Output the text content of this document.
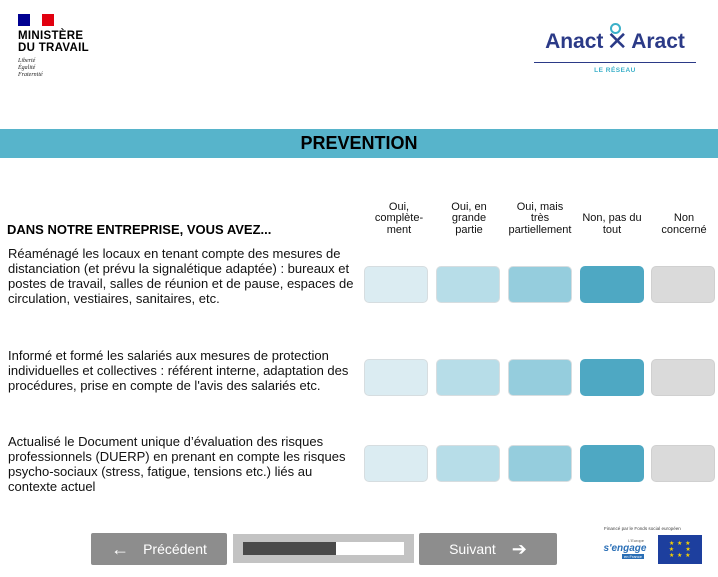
MINISTÈRE
DU TRAVAIL
Liberté
Égalité
Fraternité
Anact ✕ Aract
LE RÉSEAU
PREVENTION
Oui,
complète-
ment
Oui, en
grande
partie
Oui, mais
très
partiellement
Non, pas du
tout
Non
concerné
DANS NOTRE ENTREPRISE, VOUS AVEZ...
Réaménagé les locaux en tenant compte des mesures de distanciation (et prévu la signalétique adaptée) : bureaux et postes de travail, salles de réunion et de pause, espaces de circulation, vestiaires, sanitaires, etc.
Informé et formé les salariés aux mesures de protection individuelles et collectives : référent interne, adaptation des procédures, prise en compte de l'avis des salariés etc.
Actualisé le Document unique d’évaluation des risques professionnels (DUERP) en prenant en compte les risques psycho-sociaux (stress, fatigue, tensions etc.) liés au contexte actuel
← Précédent	Suivant ➔
Financé par le Fonds social européen
L'Europe
s'engage
en France
★ ★ ★
★     ★
★ ★ ★
